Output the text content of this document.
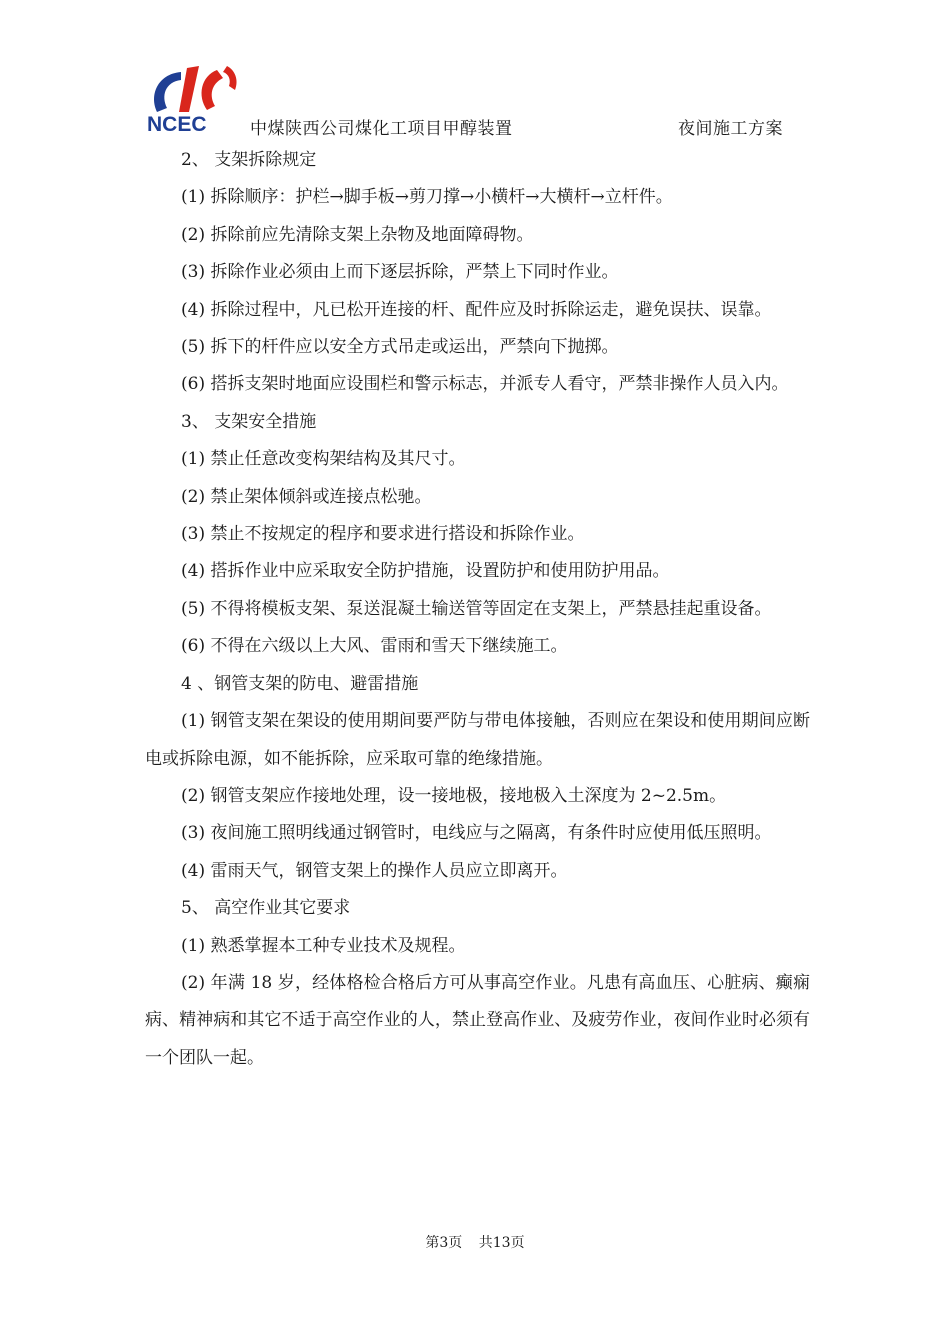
NCEC	中煤陕西公司煤化工项目甲醇装置	夜间施工方案

2、 支架拆除规定

(1) 拆除顺序：护栏→脚手板→剪刀撑→小横杆→大横杆→立杆件。

(2) 拆除前应先清除支架上杂物及地面障碍物。

(3) 拆除作业必须由上而下逐层拆除，严禁上下同时作业。

(4) 拆除过程中，凡已松开连接的杆、配件应及时拆除运走，避免误扶、误靠。

(5) 拆下的杆件应以安全方式吊走或运出，严禁向下抛掷。

(6) 搭拆支架时地面应设围栏和警示标志，并派专人看守，严禁非操作人员入内。

3、 支架安全措施

(1) 禁止任意改变构架结构及其尺寸。

(2) 禁止架体倾斜或连接点松驰。

(3) 禁止不按规定的程序和要求进行搭设和拆除作业。

(4) 搭拆作业中应采取安全防护措施，设置防护和使用防护用品。

(5) 不得将模板支架、泵送混凝土输送管等固定在支架上，严禁悬挂起重设备。

(6) 不得在六级以上大风、雷雨和雪天下继续施工。

4 、钢管支架的防电、避雷措施

(1) 钢管支架在架设的使用期间要严防与带电体接触，否则应在架设和使用期间应断电或拆除电源，如不能拆除，应采取可靠的绝缘措施。

(2) 钢管支架应作接地处理，设一接地极，接地极入土深度为 2~2.5m。

(3) 夜间施工照明线通过钢管时，电线应与之隔离，有条件时应使用低压照明。

(4) 雷雨天气，钢管支架上的操作人员应立即离开。

5、 高空作业其它要求

(1) 熟悉掌握本工种专业技术及规程。

(2) 年满 18 岁，经体格检合格后方可从事高空作业。凡患有高血压、心脏病、癫痫病、精神病和其它不适于高空作业的人，禁止登高作业、及疲劳作业，夜间作业时必须有一个团队一起。

第3页 共13页
